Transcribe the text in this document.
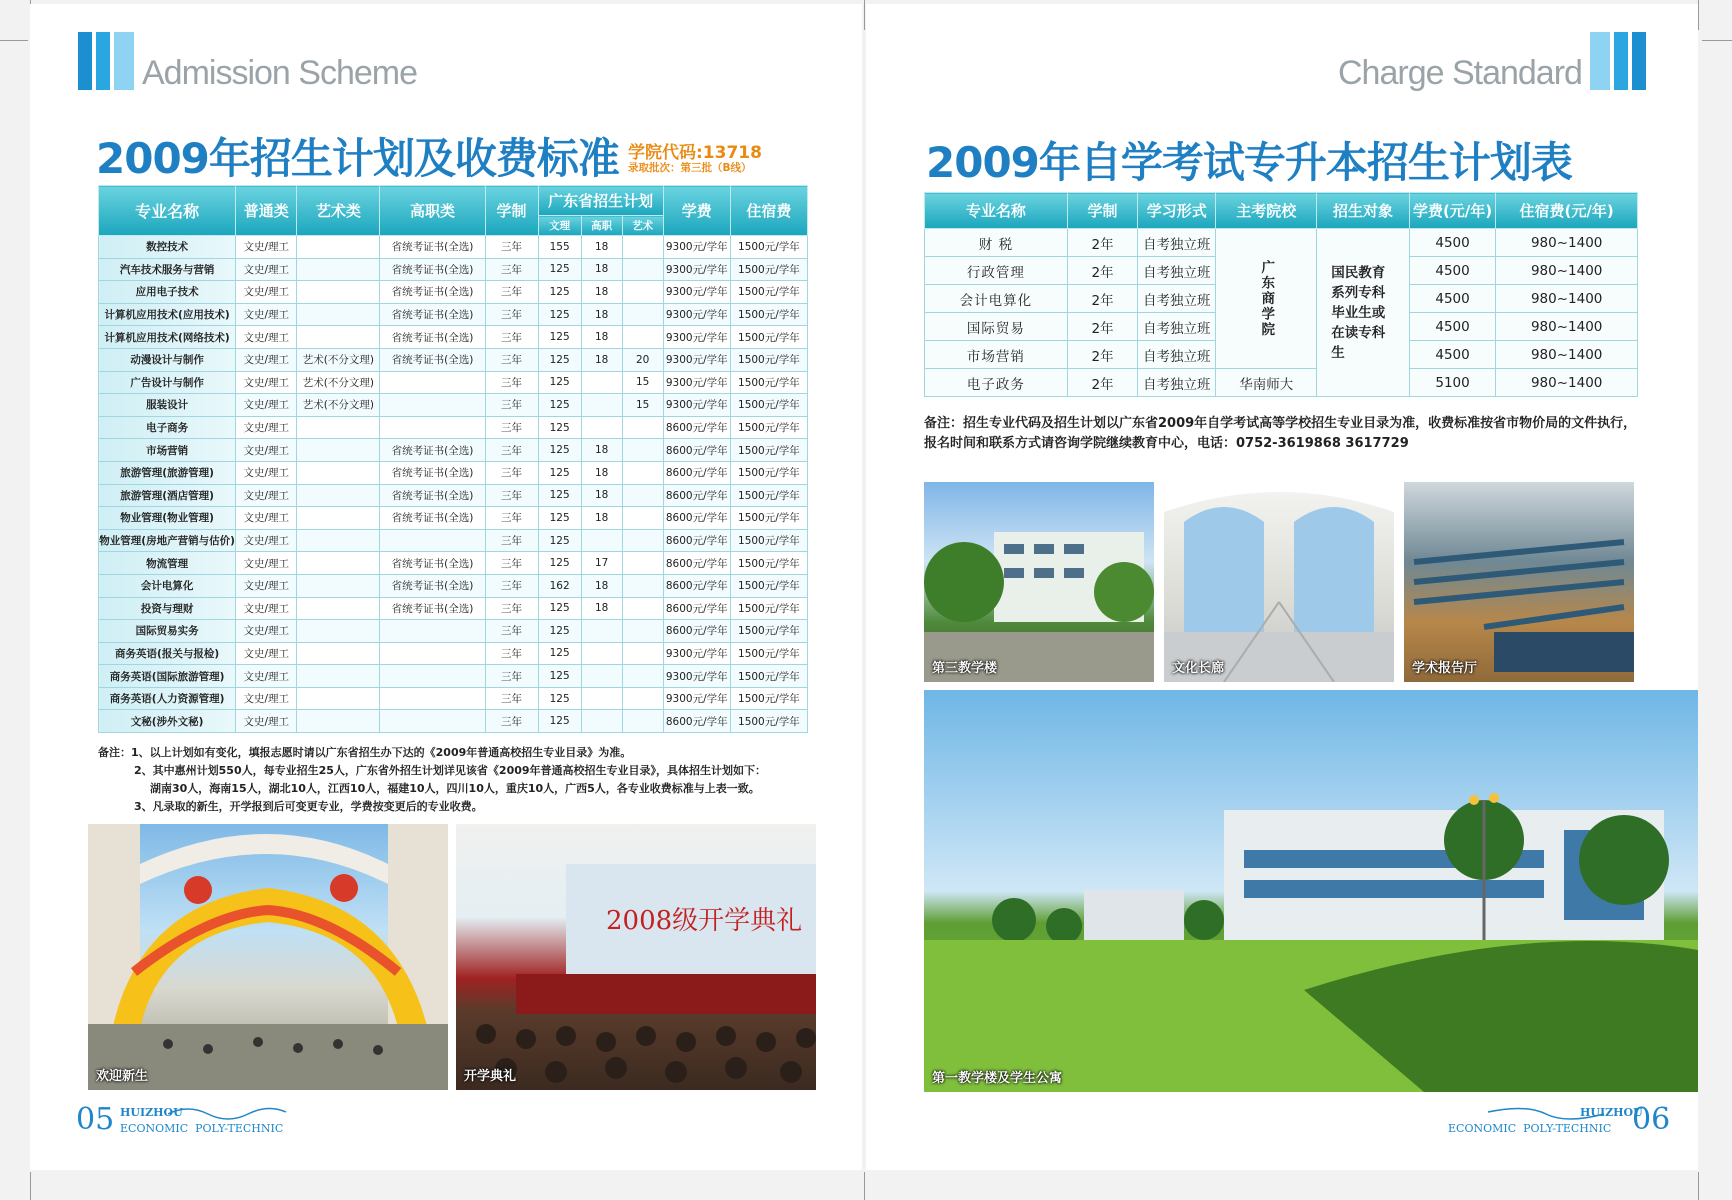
Admission Scheme
2009年招生计划及收费标准 学院代码:13718
录取批次：第三批（B线）
专业名称	普通类	艺术类	高职类	学制	广东省招生计划			学费	住宿费
					文理	高职	艺术		
数控技术	文史/理工		省统考证书(全选)	三年	155	18		9300元/学年	1500元/学年
汽车技术服务与营销	文史/理工		省统考证书(全选)	三年	125	18		9300元/学年	1500元/学年
应用电子技术	文史/理工		省统考证书(全选)	三年	125	18		9300元/学年	1500元/学年
计算机应用技术(应用技术)	文史/理工		省统考证书(全选)	三年	125	18		9300元/学年	1500元/学年
计算机应用技术(网络技术)	文史/理工		省统考证书(全选)	三年	125	18		9300元/学年	1500元/学年
动漫设计与制作	文史/理工	艺术(不分文理)	省统考证书(全选)	三年	125	18	20	9300元/学年	1500元/学年
广告设计与制作	文史/理工	艺术(不分文理)		三年	125		15	9300元/学年	1500元/学年
服装设计	文史/理工	艺术(不分文理)		三年	125		15	9300元/学年	1500元/学年
电子商务	文史/理工			三年	125			8600元/学年	1500元/学年
市场营销	文史/理工		省统考证书(全选)	三年	125	18		8600元/学年	1500元/学年
旅游管理(旅游管理)	文史/理工		省统考证书(全选)	三年	125	18		8600元/学年	1500元/学年
旅游管理(酒店管理)	文史/理工		省统考证书(全选)	三年	125	18		8600元/学年	1500元/学年
物业管理(物业管理)	文史/理工		省统考证书(全选)	三年	125	18		8600元/学年	1500元/学年
物业管理(房地产营销与估价)	文史/理工			三年	125			8600元/学年	1500元/学年
物流管理	文史/理工		省统考证书(全选)	三年	125	17		8600元/学年	1500元/学年
会计电算化	文史/理工		省统考证书(全选)	三年	162	18		8600元/学年	1500元/学年
投资与理财	文史/理工		省统考证书(全选)	三年	125	18		8600元/学年	1500元/学年
国际贸易实务	文史/理工			三年	125			8600元/学年	1500元/学年
商务英语(报关与报检)	文史/理工			三年	125			9300元/学年	1500元/学年
商务英语(国际旅游管理)	文史/理工			三年	125			9300元/学年	1500元/学年
商务英语(人力资源管理)	文史/理工			三年	125			9300元/学年	1500元/学年
文秘(涉外文秘)	文史/理工			三年	125			8600元/学年	1500元/学年
备注：1、以上计划如有变化，填报志愿时请以广东省招生办下达的《2009年普通高校招生专业目录》为准。
2、其中惠州计划550人，每专业招生25人，广东省外招生计划详见该省《2009年普通高校招生专业目录》，具体招生计划如下：
湖南30人，海南15人，湖北10人，江西10人，福建10人，四川10人，重庆10人，广西5人，各专业收费标准与上表一致。
3、凡录取的新生，开学报到后可变更专业，学费按变更后的专业收费。
欢迎新生
2008级开学典礼
开学典礼
05 HUIZHOU
ECONOMIC  POLY-TECHNIC
Charge Standard
2009年自学考试专升本招生计划表
专业名称	学制	学习形式	主考院校	招生对象	学费(元/年)	住宿费(元/年)
财 税	2年	自考独立班	广东商学院	国民教育系列专科毕业生或在读专科生	4500	980~1400
行政管理	2年	自考独立班			4500	980~1400
会计电算化	2年	自考独立班			4500	980~1400
国际贸易	2年	自考独立班			4500	980~1400
市场营销	2年	自考独立班			4500	980~1400
电子政务	2年	自考独立班	华南师大		5100	980~1400
备注：招生专业代码及招生计划以广东省2009年自学考试高等学校招生专业目录为准，收费标准按省市物价局的文件执行，报名时间和联系方式请咨询学院继续教育中心，电话：0752-3619868 3617729
第三教学楼	文化长廊	学术报告厅
第一教学楼及学生公寓
HUIZHOU
ECONOMIC  POLY-TECHNIC 06
